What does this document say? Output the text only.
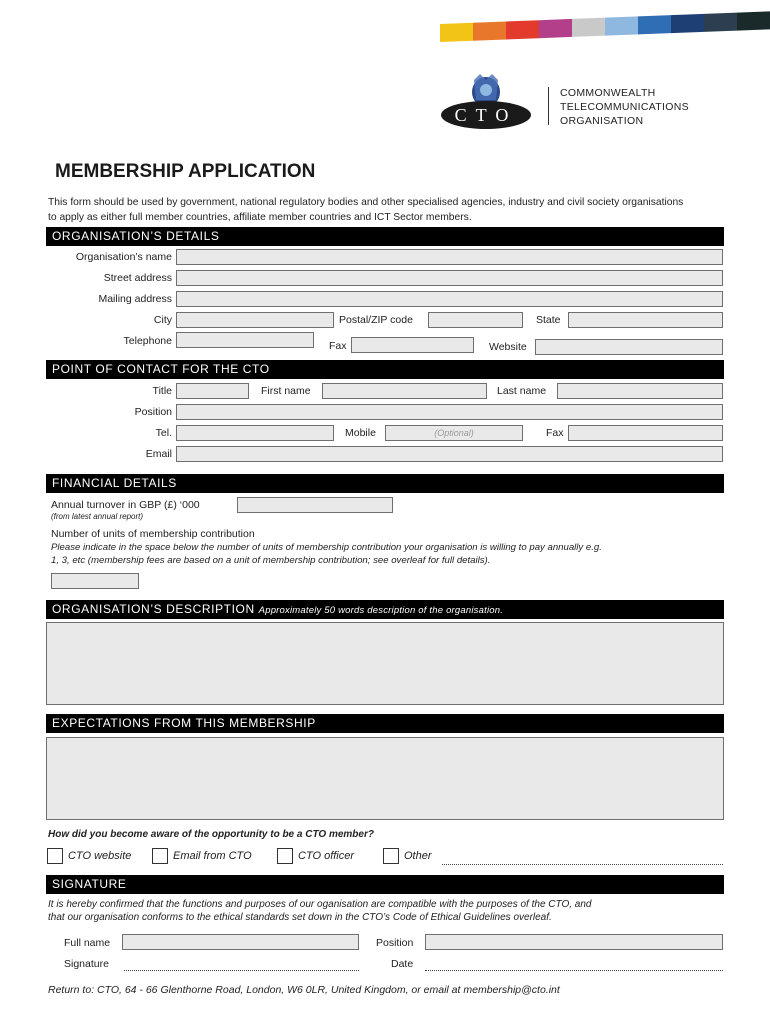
CTO
COMMONWEALTH
TELECOMMUNICATIONS
ORGANISATION
MEMBERSHIP APPLICATION
This form should be used by government, national regulatory bodies and other specialised agencies, industry and civil society organisations
to apply as either full member countries, affiliate member countries and ICT Sector members.
ORGANISATION’S DETAILS
Organisation’s name
Street address
Mailing address
City	Postal/ZIP code	State
Telephone	Fax	Website
POINT OF CONTACT FOR THE CTO
Title	First name	Last name
Position
Tel.	Mobile	(Optional)	Fax
Email
FINANCIAL DETAILS
Annual turnover in GBP (£) ‘000
(from latest annual report)
Number of units of membership contribution
Please indicate in the space below the number of units of membership contribution your organisation is willing to pay annually e.g.
1, 3, etc (membership fees are based on a unit of membership contribution; see overleaf for full details).
ORGANISATION’S DESCRIPTION Approximately 50 words description of the organisation.
EXPECTATIONS FROM THIS MEMBERSHIP
How did you become aware of the opportunity to be a CTO member?
CTO website	Email from CTO	CTO officer	Other
SIGNATURE
It is hereby confirmed that the functions and purposes of our oganisation are compatible with the purposes of the CTO, and
that our organisation conforms to the ethical standards set down in the CTO’s Code of Ethical Guidelines overleaf.
Full name	Position
Signature	Date
Return to: CTO, 64 - 66 Glenthorne Road, London, W6 0LR, United Kingdom, or email at membership@cto.int
